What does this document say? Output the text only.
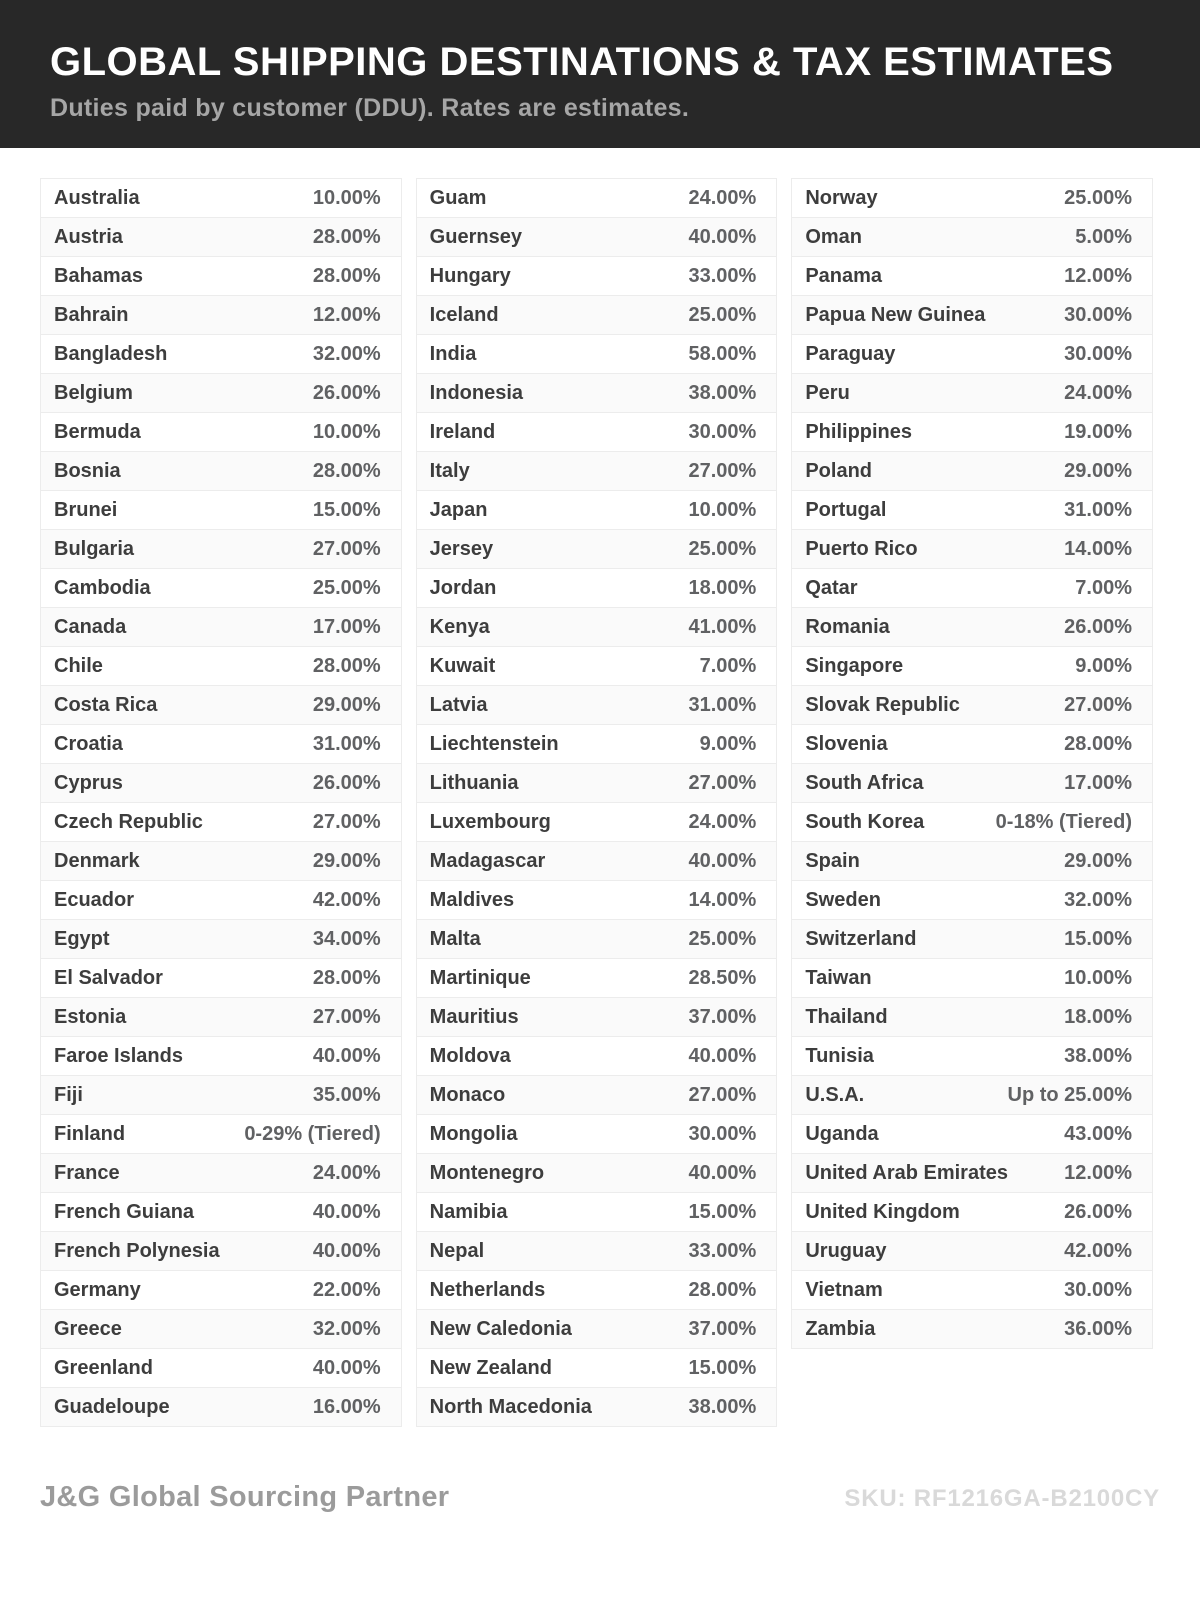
GLOBAL SHIPPING DESTINATIONS & TAX ESTIMATES
Duties paid by customer (DDU). Rates are estimates.
Australia	10.00%
Austria	28.00%
Bahamas	28.00%
Bahrain	12.00%
Bangladesh	32.00%
Belgium	26.00%
Bermuda	10.00%
Bosnia	28.00%
Brunei	15.00%
Bulgaria	27.00%
Cambodia	25.00%
Canada	17.00%
Chile	28.00%
Costa Rica	29.00%
Croatia	31.00%
Cyprus	26.00%
Czech Republic	27.00%
Denmark	29.00%
Ecuador	42.00%
Egypt	34.00%
El Salvador	28.00%
Estonia	27.00%
Faroe Islands	40.00%
Fiji	35.00%
Finland	0-29% (Tiered)
France	24.00%
French Guiana	40.00%
French Polynesia	40.00%
Germany	22.00%
Greece	32.00%
Greenland	40.00%
Guadeloupe	16.00%
Guam	24.00%
Guernsey	40.00%
Hungary	33.00%
Iceland	25.00%
India	58.00%
Indonesia	38.00%
Ireland	30.00%
Italy	27.00%
Japan	10.00%
Jersey	25.00%
Jordan	18.00%
Kenya	41.00%
Kuwait	7.00%
Latvia	31.00%
Liechtenstein	9.00%
Lithuania	27.00%
Luxembourg	24.00%
Madagascar	40.00%
Maldives	14.00%
Malta	25.00%
Martinique	28.50%
Mauritius	37.00%
Moldova	40.00%
Monaco	27.00%
Mongolia	30.00%
Montenegro	40.00%
Namibia	15.00%
Nepal	33.00%
Netherlands	28.00%
New Caledonia	37.00%
New Zealand	15.00%
North Macedonia	38.00%
Norway	25.00%
Oman	5.00%
Panama	12.00%
Papua New Guinea	30.00%
Paraguay	30.00%
Peru	24.00%
Philippines	19.00%
Poland	29.00%
Portugal	31.00%
Puerto Rico	14.00%
Qatar	7.00%
Romania	26.00%
Singapore	9.00%
Slovak Republic	27.00%
Slovenia	28.00%
South Africa	17.00%
South Korea	0-18% (Tiered)
Spain	29.00%
Sweden	32.00%
Switzerland	15.00%
Taiwan	10.00%
Thailand	18.00%
Tunisia	38.00%
U.S.A.	Up to 25.00%
Uganda	43.00%
United Arab Emirates	12.00%
United Kingdom	26.00%
Uruguay	42.00%
Vietnam	30.00%
Zambia	36.00%
J&G Global Sourcing Partner	SKU: RF1216GA-B2100CY
